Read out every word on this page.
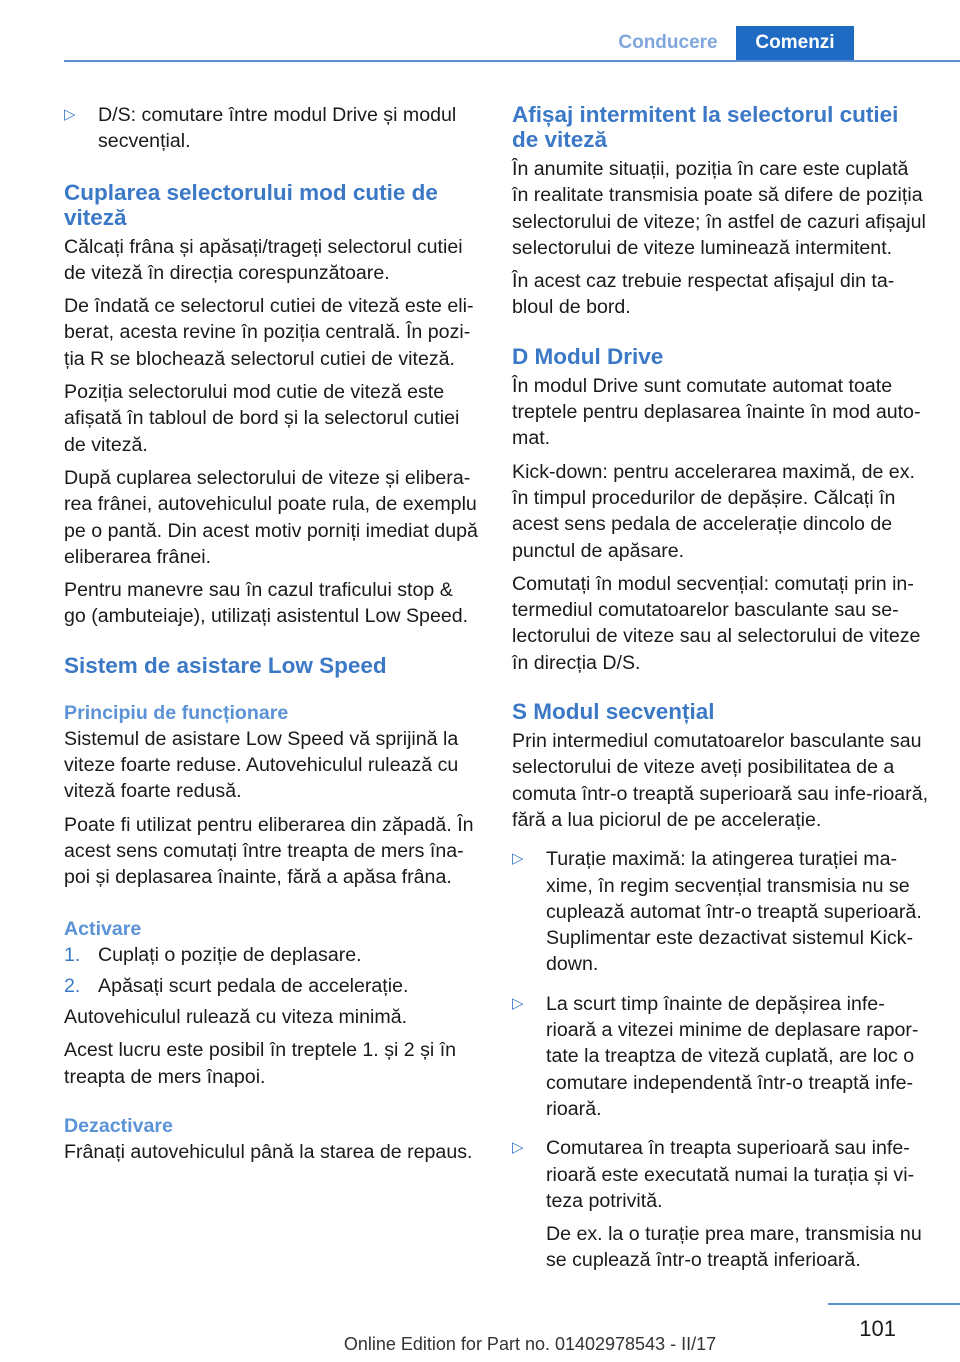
Conducere	Comenzi
▷ D/S: comutare între modul Drive și modul secvențial.
Cuplarea selectorului mod cutie de viteză

Călcați frâna și apăsați/trageți selectorul cutiei de viteză în direcția corespunzătoare.

De îndată ce selectorul cutiei de viteză este eli‐berat, acesta revine în poziția centrală. În pozi‐ția R se blochează selectorul cutiei de viteză.

Poziția selectorului mod cutie de viteză este afișată în tabloul de bord și la selectorul cutiei de viteză.

După cuplarea selectorului de viteze și elibera‐rea frânei, autovehiculul poate rula, de exemplu pe o pantă. Din acest motiv porniți imediat după eliberarea frânei.

Pentru manevre sau în cazul traficului stop & go (ambuteiaje), utilizați asistentul Low Speed.

Sistem de asistare Low Speed
Principiu de funcționare

Sistemul de asistare Low Speed vă sprijină la viteze foarte reduse. Autovehiculul rulează cu viteză foarte redusă.

Poate fi utilizat pentru eliberarea din zăpadă. În acest sens comutați între treapta de mers îna‐poi și deplasarea înainte, fără a apăsa frâna.

Activare
1. Cuplați o poziție de deplasare.
2. Apăsați scurt pedala de accelerație.

Autovehiculul rulează cu viteza minimă.

Acest lucru este posibil în treptele 1. și 2 și în treapta de mers înapoi.

Dezactivare

Frânați autovehiculul până la starea de repaus.

Afișaj intermitent la selectorul cutiei de viteză

În anumite situații, poziția în care este cuplată în realitate transmisia poate să difere de poziția selectorului de viteze; în astfel de cazuri afișajul selectorului de viteze luminează intermitent.

În acest caz trebuie respectat afișajul din ta‐bloul de bord.

D Modul Drive

În modul Drive sunt comutate automat toate treptele pentru deplasarea înainte în mod auto‐mat.

Kick-down: pentru accelerarea maximă, de ex. în timpul procedurilor de depășire. Călcați în acest sens pedala de accelerație dincolo de punctul de apăsare.

Comutați în modul secvențial: comutați prin in‐termediul comutatoarelor basculante sau se‐lectorului de viteze sau al selectorului de viteze în direcția D/S.

S Modul secvențial

Prin intermediul comutatoarelor basculante sau selectorului de viteze aveți posibilitatea de a comuta într-o treaptă superioară sau infe‐rioară, fără a lua piciorul de pe accelerație.

▷ Turație maximă: la atingerea turației ma‐xime, în regim secvențial transmisia nu se cuplează automat într-o treaptă superioară. Suplimentar este dezactivat sistemul Kick-down.
▷ La scurt timp înainte de depășirea infe‐rioară a vitezei minime de deplasare rapor‐tate la treaptza de viteză cuplată, are loc o comutare independentă într-o treaptă infe‐rioară.
▷ Comutarea în treapta superioară sau infe‐rioară este executată numai la turația și vi‐teza potrivită.

De ex. la o turație prea mare, transmisia nu se cuplează într-o treaptă inferioară.

101
Online Edition for Part no. 01402978543 - II/17
